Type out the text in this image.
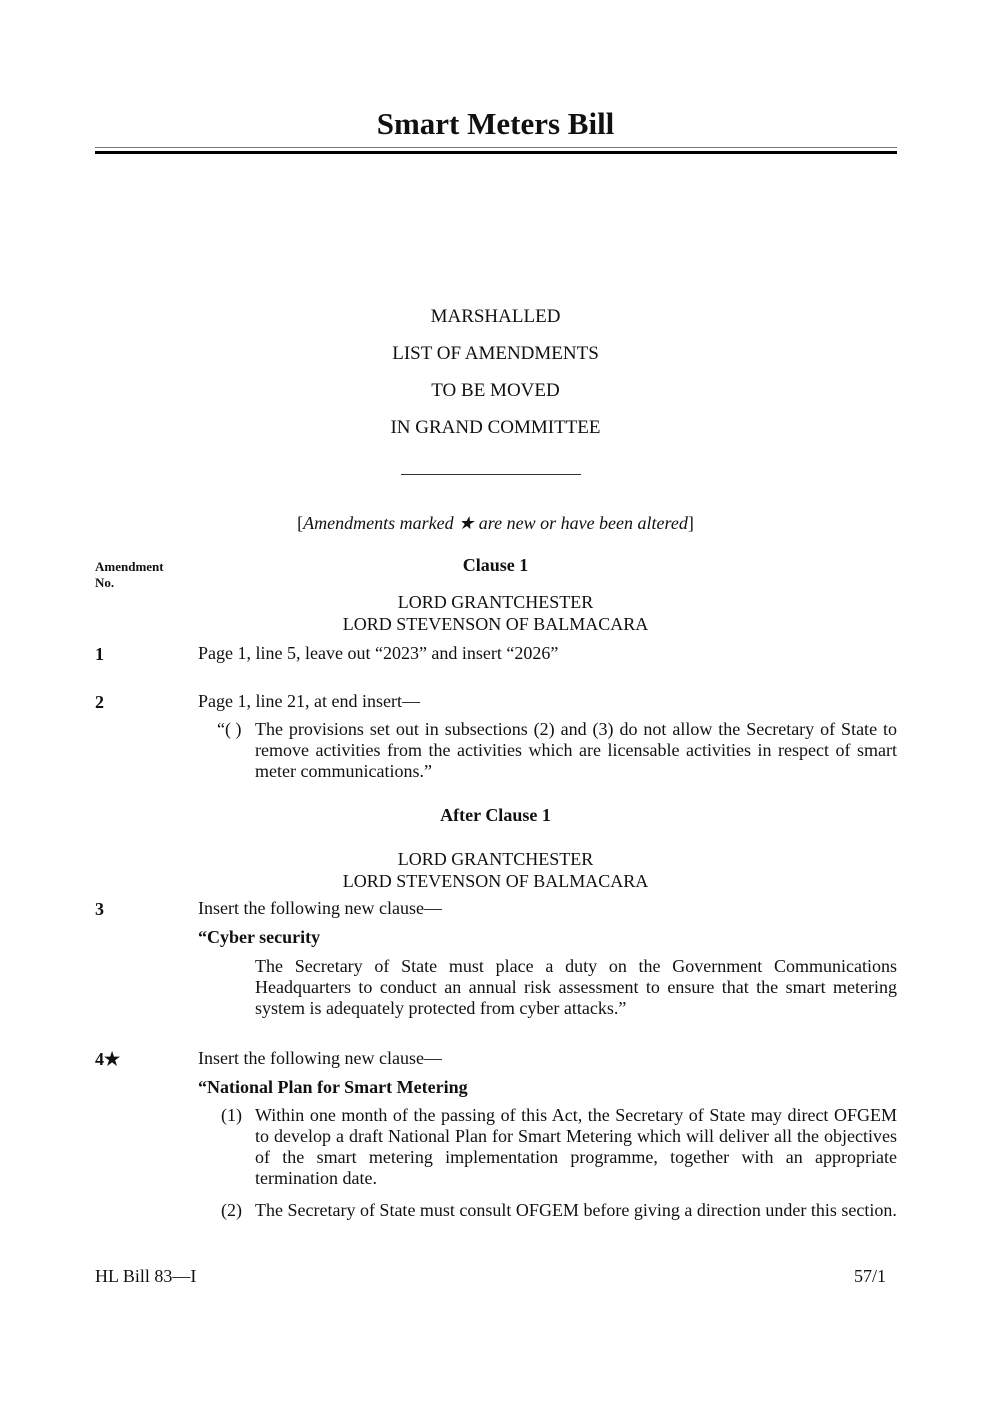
Smart Meters Bill
MARSHALLED
LIST OF AMENDMENTS
TO BE MOVED
IN GRAND COMMITTEE
[Amendments marked ★ are new or have been altered]
Amendment
No.
Clause 1
LORD GRANTCHESTER
LORD STEVENSON OF BALMACARA
1	Page 1, line 5, leave out “2023” and insert “2026”
2	Page 1, line 21, at end insert—
“( ) The provisions set out in subsections (2) and (3) do not allow the Secretary of State to remove activities from the activities which are licensable activities in respect of smart meter communications.”
After Clause 1
LORD GRANTCHESTER
LORD STEVENSON OF BALMACARA
3	Insert the following new clause—
“Cyber security
The Secretary of State must place a duty on the Government Communications Headquarters to conduct an annual risk assessment to ensure that the smart metering system is adequately protected from cyber attacks.”
4★	Insert the following new clause—
“National Plan for Smart Metering
(1) Within one month of the passing of this Act, the Secretary of State may direct OFGEM to develop a draft National Plan for Smart Metering which will deliver all the objectives of the smart metering implementation programme, together with an appropriate termination date.
(2) The Secretary of State must consult OFGEM before giving a direction under this section.
HL Bill 83—I	57/1
